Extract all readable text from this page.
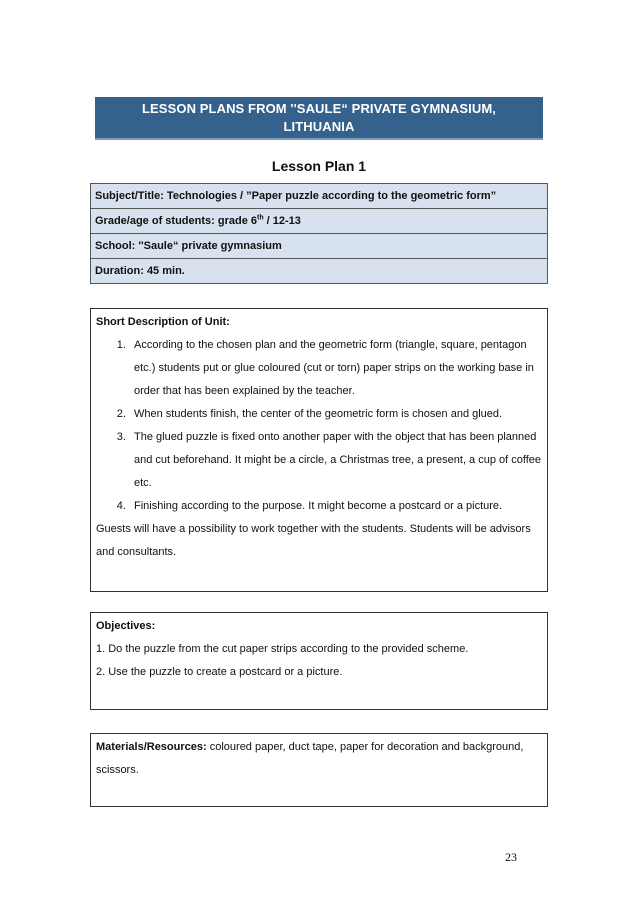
LESSON PLANS FROM ''SAULE“ PRIVATE GYMNASIUM,
LITHUANIA
Lesson Plan 1
Subject/Title: Technologies / ”Paper puzzle according to the geometric form”
Grade/age of students: grade 6th / 12-13
School: ''Saule“ private gymnasium
Duration: 45 min.
Short Description of Unit:
1. According to the chosen plan and the geometric form (triangle, square, pentagon etc.) students put or glue coloured (cut or torn) paper strips on the working base in order that has been explained by the teacher.
2. When students finish, the center of the geometric form is chosen and glued.
3. The glued puzzle is fixed onto another paper with the object that has been planned and cut beforehand. It might be a circle, a Christmas tree, a present, a cup of coffee etc.
4. Finishing according to the purpose. It might become a postcard or a picture.

Guests will have a possibility to work together with the students. Students will be advisors and consultants.

Objectives:

1. Do the puzzle from the cut paper strips according to the provided scheme.

2. Use the puzzle to create a postcard or a picture.

Materials/Resources: coloured paper, duct tape, paper for decoration and background, scissors.

23
